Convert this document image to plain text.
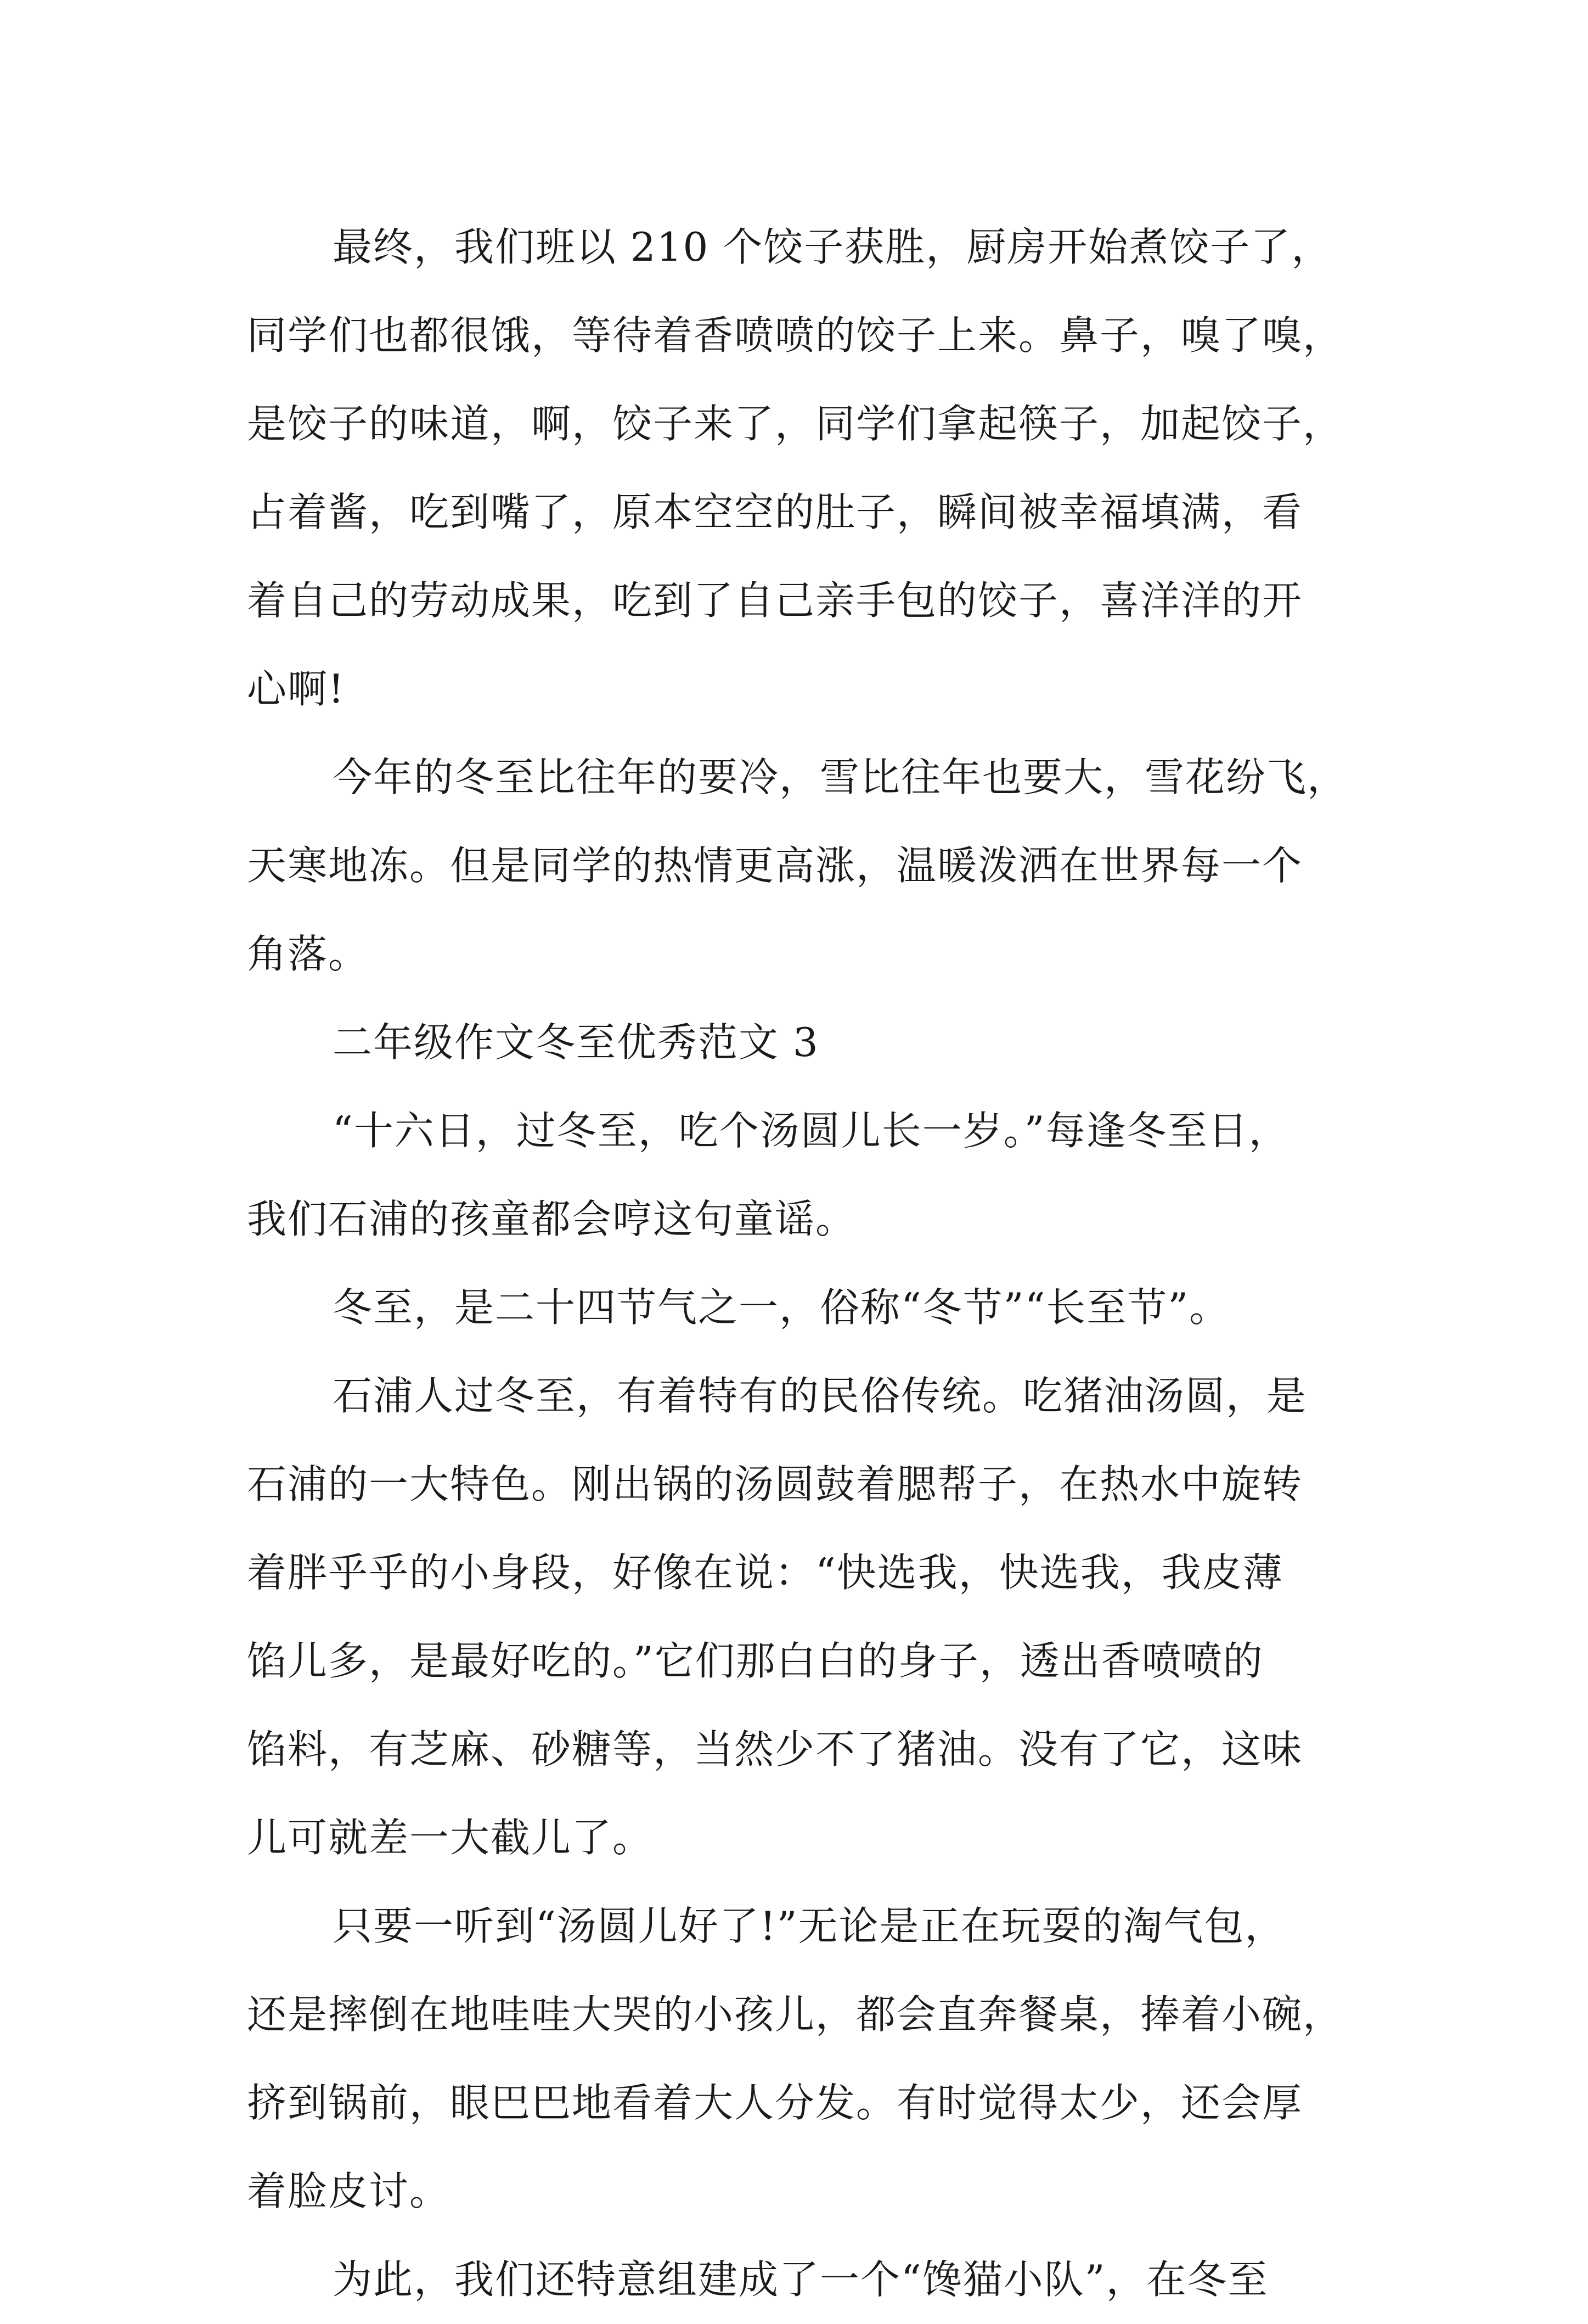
最终，我们班以 210 个饺子获胜，厨房开始煮饺子了，
同学们也都很饿，等待着香喷喷的饺子上来。鼻子，嗅了嗅，
是饺子的味道，啊，饺子来了，同学们拿起筷子，加起饺子，
占着酱，吃到嘴了，原本空空的肚子，瞬间被幸福填满，看
着自己的劳动成果，吃到了自己亲手包的饺子，喜洋洋的开
心啊!
今年的冬至比往年的要冷，雪比往年也要大，雪花纷飞，
天寒地冻。但是同学的热情更高涨，温暖泼洒在世界每一个
角落。
二年级作文冬至优秀范文 3
“十六日，过冬至，吃个汤圆儿长一岁。”每逢冬至日，
我们石浦的孩童都会哼这句童谣。
冬至，是二十四节气之一，俗称“冬节”“长至节”。
石浦人过冬至，有着特有的民俗传统。吃猪油汤圆，是
石浦的一大特色。刚出锅的汤圆鼓着腮帮子，在热水中旋转
着胖乎乎的小身段，好像在说：“快选我，快选我，我皮薄
馅儿多，是最好吃的。”它们那白白的身子，透出香喷喷的
馅料，有芝麻、砂糖等，当然少不了猪油。没有了它，这味
儿可就差一大截儿了。
只要一听到“汤圆儿好了!”无论是正在玩耍的淘气包，
还是摔倒在地哇哇大哭的小孩儿，都会直奔餐桌，捧着小碗，
挤到锅前，眼巴巴地看着大人分发。有时觉得太少，还会厚
着脸皮讨。
为此，我们还特意组建成了一个“馋猫小队”，在冬至
